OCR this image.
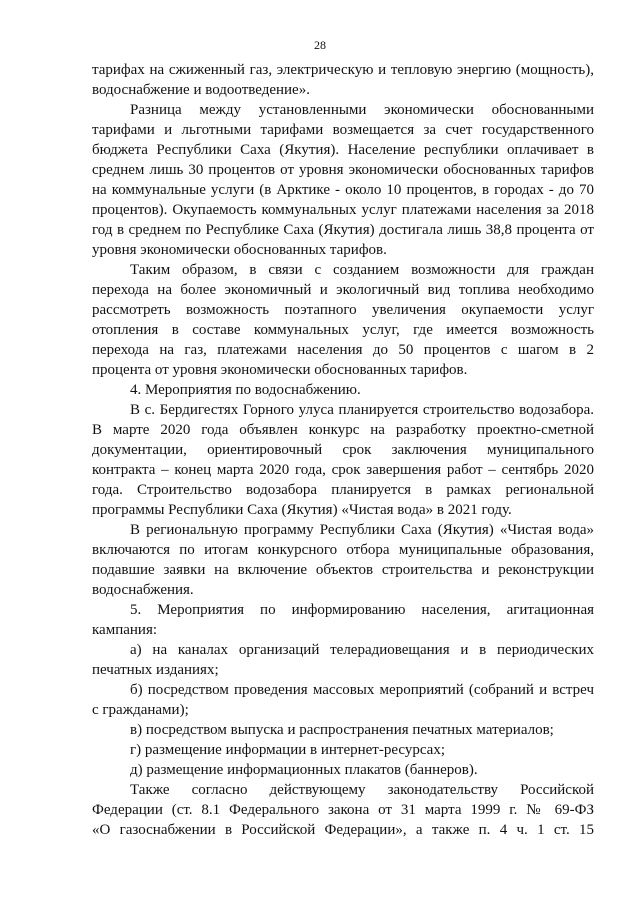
28

тарифах на сжиженный газ, электрическую и тепловую энергию (мощность),

водоснабжение и водоотведение».

Разница между установленными экономически обоснованными

тарифами и льготными тарифами возмещается за счет государственного

бюджета Республики Саха (Якутия). Население республики оплачивает в

среднем лишь 30 процентов от уровня экономически обоснованных тарифов

на коммунальные услуги (в Арктике - около 10 процентов, в городах - до 70

процентов). Окупаемость коммунальных услуг платежами населения за 2018

год в среднем по Республике Саха (Якутия) достигала лишь 38,8 процента от

уровня экономически обоснованных тарифов.

Таким образом, в связи с созданием возможности для граждан

перехода на более экономичный и экологичный вид топлива необходимо

рассмотреть возможность поэтапного увеличения окупаемости услуг

отопления в составе коммунальных услуг, где имеется возможность

перехода на газ, платежами населения до 50 процентов с шагом в 2

процента от уровня экономически обоснованных тарифов.

4. Мероприятия по водоснабжению.

В с. Бердигестях Горного улуса планируется строительство водозабора.

В марте 2020 года объявлен конкурс на разработку проектно-сметной

документации, ориентировочный срок заключения муниципального

контракта – конец марта 2020 года, срок завершения работ – сентябрь 2020

года. Строительство водозабора планируется в рамках региональной

программы Республики Саха (Якутия) «Чистая вода» в 2021 году.

В региональную программу Республики Саха (Якутия) «Чистая вода»

включаются по итогам конкурсного отбора муниципальные образования,

подавшие заявки на включение объектов строительства и реконструкции

водоснабжения.

5. Мероприятия по информированию населения, агитационная

кампания:

а) на каналах организаций телерадиовещания и в периодических

печатных изданиях;

б) посредством проведения массовых мероприятий (собраний и встреч

с гражданами);

в) посредством выпуска и распространения печатных материалов;

г) размещение информации в интернет-ресурсах;

д) размещение информационных плакатов (баннеров).

Также согласно действующему законодательству Российской

Федерации (ст. 8.1 Федерального закона от 31 марта 1999 г. № 69-ФЗ

«О газоснабжении в Российской Федерации», а также п. 4 ч. 1 ст. 15
